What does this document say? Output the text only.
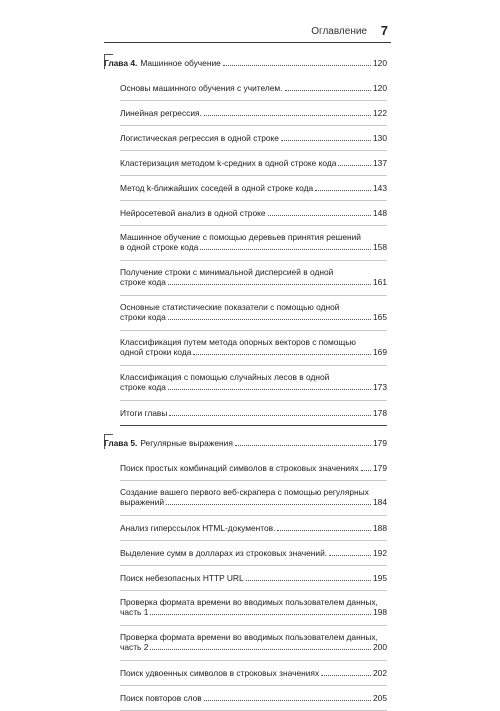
Оглавление 7
Глава 4. Машинное обучение	120
Основы машинного обучения с учителем.	120
Линейная регрессия.	122
Логистическая регрессия в одной строке	130
Кластеризация методом k-средних в одной строке кода	137
Метод k-ближайших соседей в одной строке кода	143
Нейросетевой анализ в одной строке	148
Машинное обучение с помощью деревьев принятия решений
в одной строке кода	158
Получение строки с минимальной дисперсией в одной
строке кода	161
Основные статистические показатели с помощью одной
строки кода	165
Классификация путем метода опорных векторов с помощью
одной строки кода	169
Классификация с помощью случайных лесов в одной
строке кода	173
Итоги главы	178
Глава 5. Регулярные выражения	179
Поиск простых комбинаций символов в строковых значениях 179
Создание вашего первого веб-скрапера с помощью регулярных
выражений	184
Анализ гиперссылок HTML-документов.	188
Выделение сумм в долларах из строковых значений.	192
Поиск небезопасных HTTP URL	195
Проверка формата времени во вводимых пользователем данных,
часть 1	198
Проверка формата времени во вводимых пользователем данных,
часть 2	200
Поиск удвоенных символов в строковых значениях	202
Поиск повторов слов	205
